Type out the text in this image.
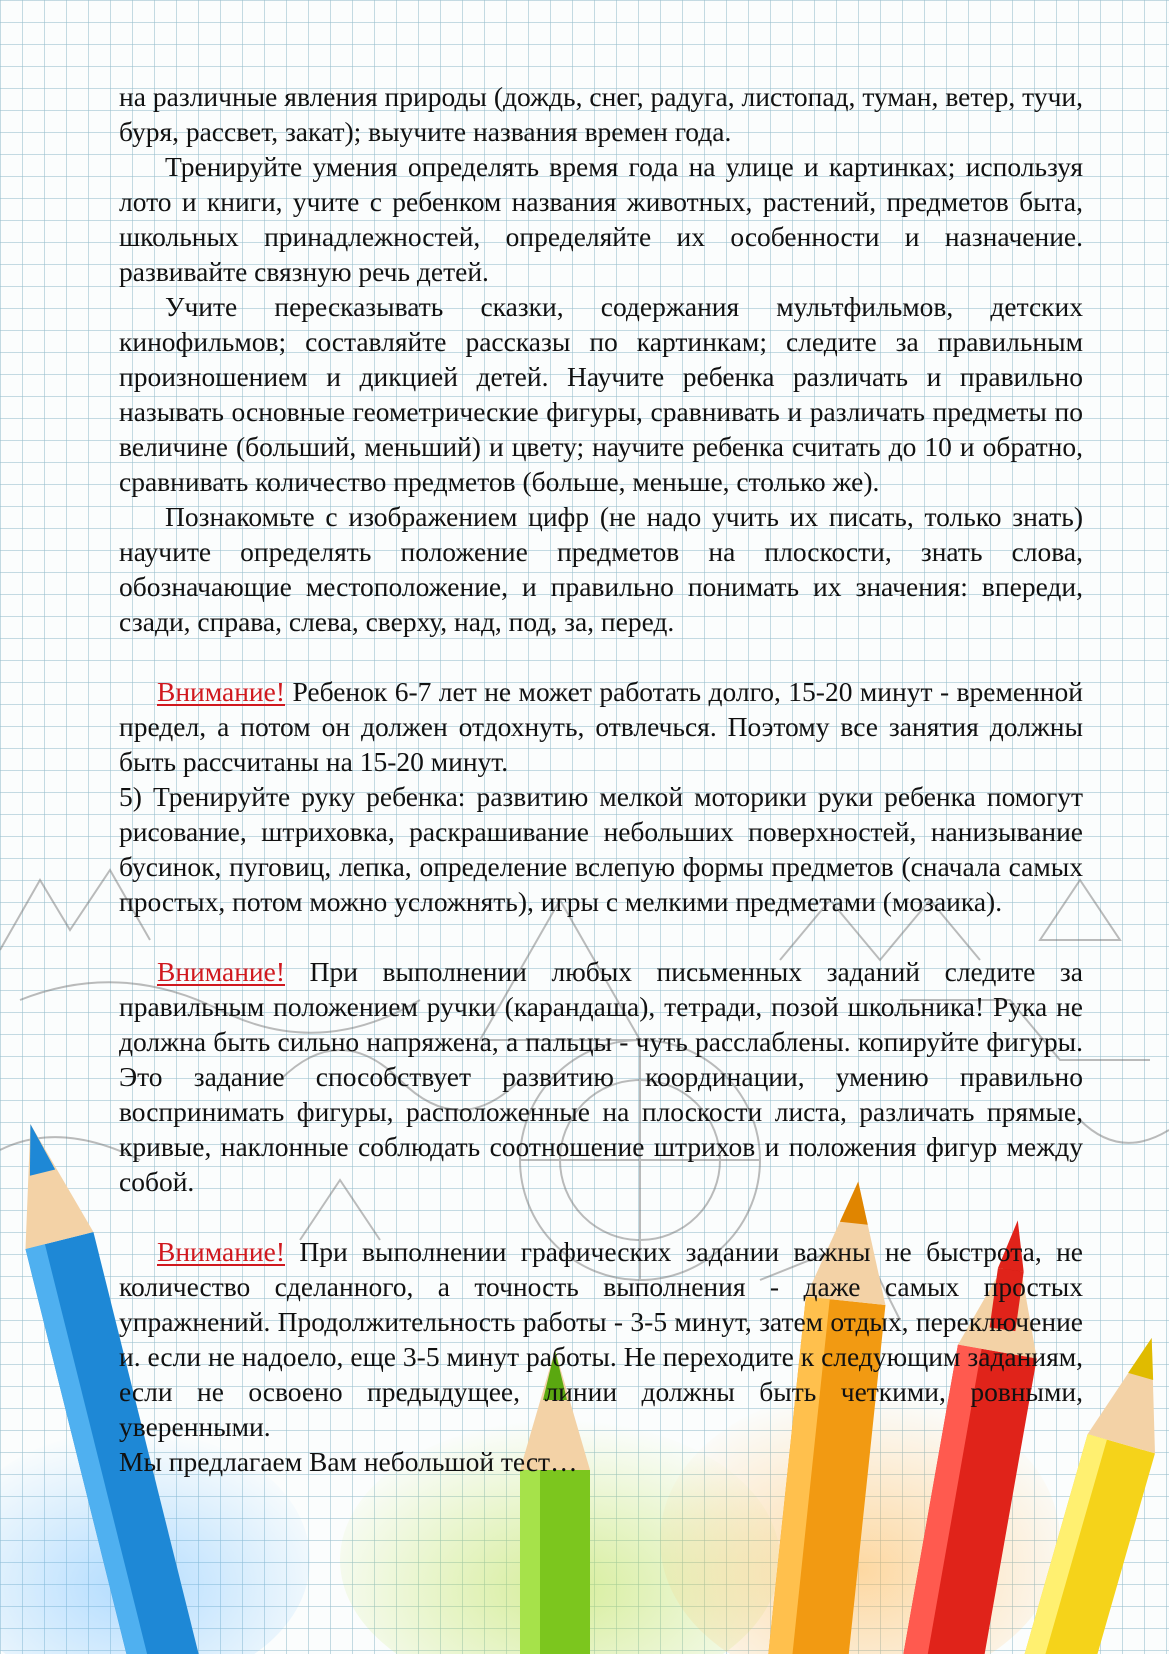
на различные явления природы (дождь, снег, радуга, листопад, туман, ветер, тучи, буря, рассвет, закат); выучите названия времен года.

Тренируйте умения определять время года на улице и картинках; используя лото и книги, учите с ребенком названия животных, растений, предметов быта, школьных принадлежностей, определяйте их особенности и назначение. развивайте связную речь детей.

Учите пересказывать сказки, содержания мультфильмов, детских кинофильмов; составляйте рассказы по картинкам; следите за правильным произношением и дикцией детей. Научите ребенка различать и правильно называть основные геометрические фигуры, сравнивать и различать предметы по величине (больший, меньший) и цвету; научите ребенка считать до 10 и обратно, сравнивать количество предметов (больше, меньше, столько же).

Познакомьте с изображением цифр (не надо учить их писать, только знать) научите определять положение предметов на плоскости, знать слова, обозначающие местоположение, и правильно понимать их значения: впереди, сзади, справа, слева, сверху, над, под, за, перед.

Внимание! Ребенок 6-7 лет не может работать долго, 15-20 минут - временной предел, а потом он должен отдохнуть, отвлечься. Поэтому все занятия должны быть рассчитаны на 15-20 минут.

5) Тренируйте руку ребенка: развитию мелкой моторики руки ребенка помогут рисование, штриховка, раскрашивание небольших поверхностей, нанизывание бусинок, пуговиц, лепка, определение вслепую формы предметов (сначала самых простых, потом можно усложнять), игры с мелкими предметами (мозаика).

Внимание! При выполнении любых письменных заданий следите за правильным положением ручки (карандаша), тетради, позой школьника! Рука не должна быть сильно напряжена, а пальцы - чуть расслаблены. копируйте фигуры. Это задание способствует развитию координации, умению правильно воспринимать фигуры, расположенные на плоскости листа, различать прямые, кривые, наклонные соблюдать соотношение штрихов и положения фигур между собой.

Внимание! При выполнении графических задании важны не быстрота, не количество сделанного, а точность выполнения - даже самых простых упражнений. Продолжительность работы - 3-5 минут, затем отдых, переключение и. если не надоело, еще 3-5 минут работы. Не переходите к следующим заданиям, если не освоено предыдущее, линии должны быть четкими, ровными, уверенными.

Мы предлагаем Вам небольшой тест…
